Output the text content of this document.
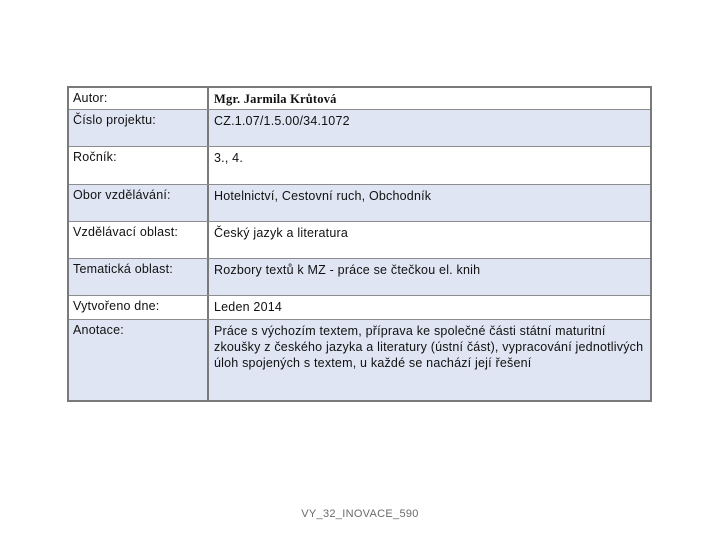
Autor:	Mgr. Jarmila Krůtová
Číslo projektu:	CZ.1.07/1.5.00/34.1072
Ročník:	3., 4.
Obor vzdělávání:	Hotelnictví, Cestovní ruch, Obchodník
Vzdělávací oblast:	Český jazyk a literatura
Tematická oblast:	Rozbory textů k MZ - práce se čtečkou el. knih
Vytvořeno dne:	Leden 2014
Anotace:	Práce s výchozím textem, příprava ke společné části státní maturitní zkoušky z českého jazyka a literatury (ústní část), vypracování jednotlivých úloh spojených s textem, u každé se nachází její řešení
VY_32_INOVACE_590
